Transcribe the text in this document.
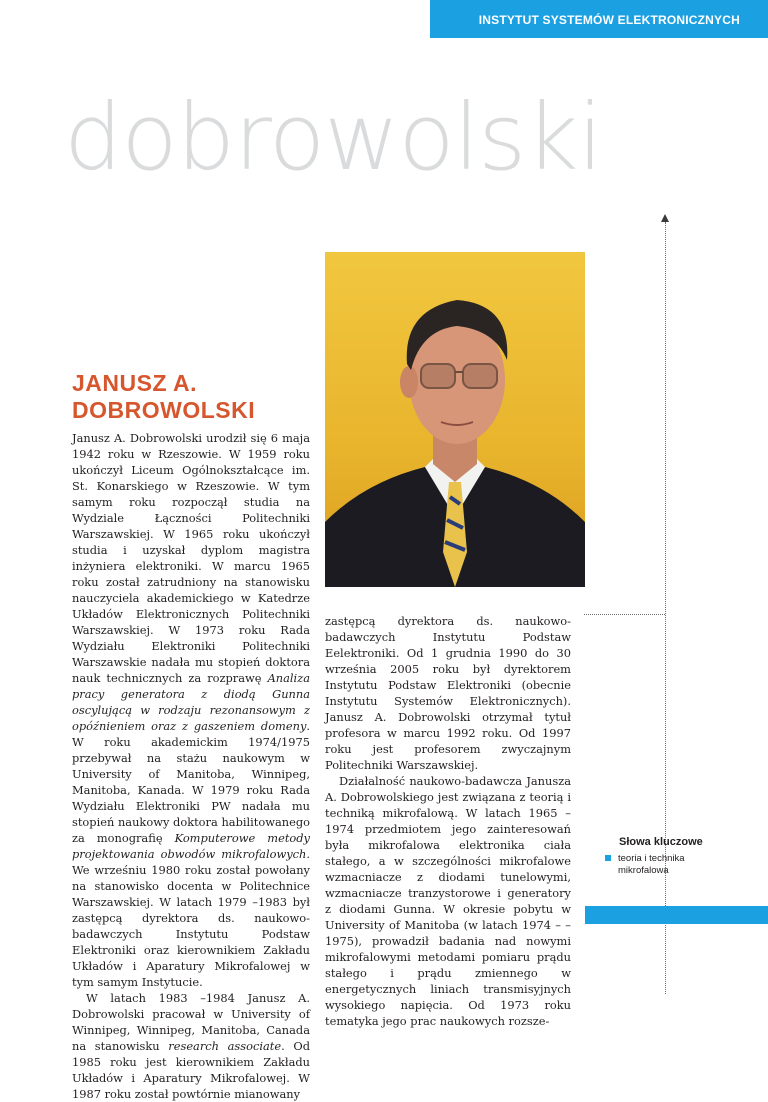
INSTYTUT SYSTEMÓW ELEKTRONICZNYCH
dobrowolski
JANUSZ A.
DOBROWOLSKI

Janusz A. Dobrowolski urodził się 6 maja 1942 roku w Rzeszowie. W 1959 roku ukończył Liceum Ogólnokształcące im. St. Konarskiego w Rzeszowie. W tym samym roku rozpoczął studia na Wydziale Łączności Politechniki Warszawskiej. W 1965 roku ukończył studia i uzyskał dyplom magistra inżyniera elektroniki. W marcu 1965 roku został zatrudniony na stanowisku nauczyciela akademickiego w Katedrze Układów Elektronicznych Politechniki Warszawskiej. W 1973 roku Rada Wydziału Elektroniki Politechniki Warszawskie nadała mu stopień doktora nauk technicznych za rozprawę Analiza pracy generatora z diodą Gunna oscylującą w rodzaju rezonansowym z opóźnieniem oraz z gaszeniem domeny. W roku akademickim 1974/1975 przebywał na stażu naukowym w University of Manitoba, Winnipeg, Manitoba, Kanada. W 1979 roku Rada Wydziału Elektroniki PW nadała mu stopień naukowy doktora habilitowanego za monografię Komputerowe metody projektowania obwodów mikrofalowych. We wrześniu 1980 roku został powołany na stanowisko docenta w Politechnice Warszawskiej. W latach 1979 –1983 był zastępcą dyrektora ds. naukowo-badawczych Instytutu Podstaw Elektroniki oraz kierownikiem Zakładu Układów i Aparatury Mikrofalowej w tym samym Instytucie.

W latach 1983 –1984 Janusz A. Dobrowolski pracował w University of Winnipeg, Winnipeg, Manitoba, Canada na stanowisku research associate. Od 1985 roku jest kierownikiem Zakładu Układów i Aparatury Mikrofalowej. W 1987 roku został powtórnie mianowany

zastępcą dyrektora ds. naukowo-badawczych Instytutu Podstaw Eelektroniki. Od 1 grudnia 1990 do 30 września 2005 roku był dyrektorem Instytutu Podstaw Elektroniki (obecnie Instytutu Systemów Elektronicznych). Janusz A. Dobrowolski otrzymał tytuł profesora w marcu 1992 roku. Od 1997 roku jest profesorem zwyczajnym Politechniki Warszawskiej.

Działalność naukowo-badawcza Janusza A. Dobrowolskiego jest związana z teorią i techniką mikrofalową. W latach 1965 –1974 przedmiotem jego zainteresowań była mikrofalowa elektronika ciała stałego, a w szczególności mikrofalowe wzmacniacze z diodami tunelowymi, wzmacniacze tranzystorowe i generatory z diodami Gunna. W okresie pobytu w University of Manitoba (w latach 1974 – –1975), prowadził badania nad nowymi mikrofalowymi metodami pomiaru prądu stałego i prądu zmiennego w energetycznych liniach transmisyjnych wysokiego napięcia. Od 1973 roku tematyka jego prac naukowych rozsze-

Słowa kluczowe
teoria i technika mikrofalowa
